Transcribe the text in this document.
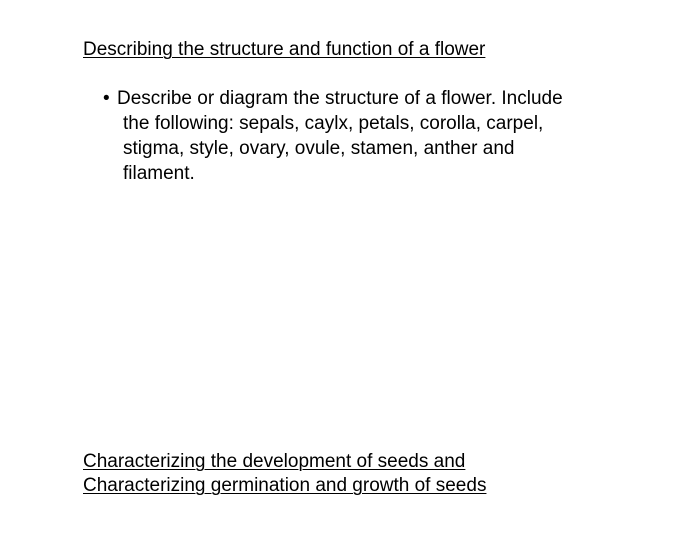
Describing the structure and function of a flower
• Describe or diagram the structure of a flower. Include
the following: sepals, caylx, petals, corolla, carpel,
stigma, style, ovary, ovule, stamen, anther and
filament.
Characterizing the development of seeds and
Characterizing germination and growth of seeds
